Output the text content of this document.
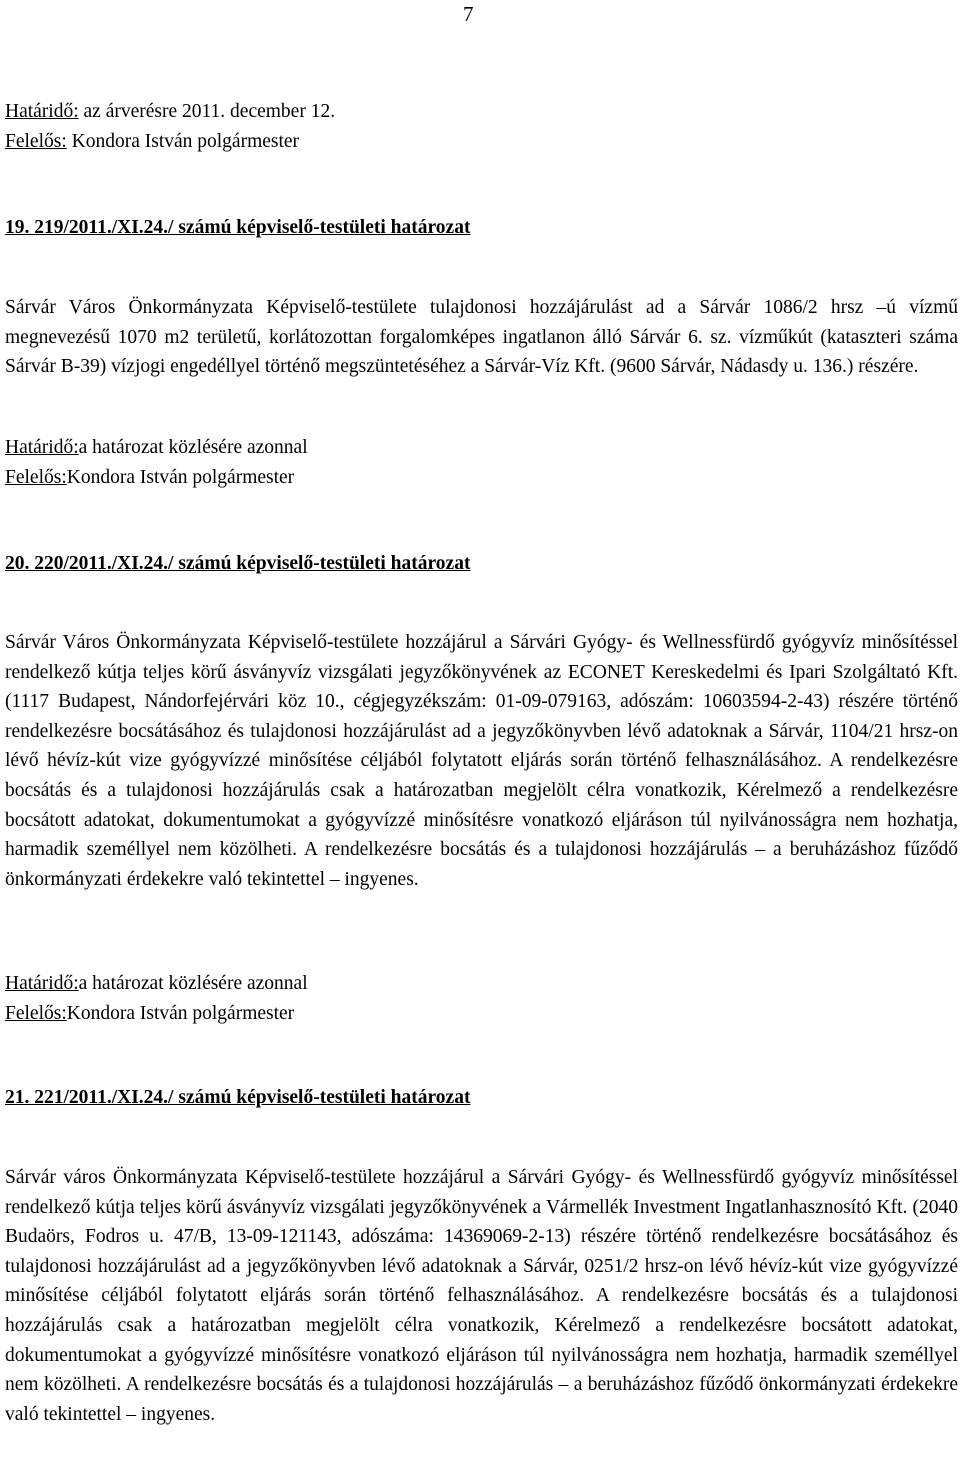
7
Határidő: az árverésre 2011. december 12.
Felelős: Kondora István polgármester
19. 219/2011./XI.24./ számú képviselő-testületi határozat

Sárvár Város Önkormányzata Képviselő-testülete tulajdonosi hozzájárulást ad a Sárvár 1086/2 hrsz –ú vízmű megnevezésű 1070 m2 területű, korlátozottan forgalomképes ingatlanon álló Sárvár 6. sz. vízműkút (kataszteri száma Sárvár B-39) vízjogi engedéllyel történő megszüntetéséhez a Sárvár-Víz Kft. (9600 Sárvár, Nádasdy u. 136.) részére.

Határidő:a határozat közlésére azonnal
Felelős:Kondora István polgármester
20. 220/2011./XI.24./ számú képviselő-testületi határozat

Sárvár Város Önkormányzata Képviselő-testülete hozzájárul a Sárvári Gyógy- és Wellnessfürdő gyógyvíz minősítéssel rendelkező kútja teljes körű ásványvíz vizsgálati jegyzőkönyvének az ECONET Kereskedelmi és Ipari Szolgáltató Kft. (1117 Budapest, Nándorfejérvári köz 10., cégjegyzékszám: 01-09-079163, adószám: 10603594-2-43) részére történő rendelkezésre bocsátásához és tulajdonosi hozzájárulást ad a jegyzőkönyvben lévő adatoknak a Sárvár, 1104/21 hrsz-on lévő hévíz-kút vize gyógyvízzé minősítése céljából folytatott eljárás során történő felhasználásához. A rendelkezésre bocsátás és a tulajdonosi hozzájárulás csak a határozatban megjelölt célra vonatkozik, Kérelmező a rendelkezésre bocsátott adatokat, dokumentumokat a gyógyvízzé minősítésre vonatkozó eljáráson túl nyilvánosságra nem hozhatja, harmadik személlyel nem közölheti. A rendelkezésre bocsátás és a tulajdonosi hozzájárulás – a beruházáshoz fűződő önkormányzati érdekekre való tekintettel – ingyenes.

Határidő:a határozat közlésére azonnal
Felelős:Kondora István polgármester
21. 221/2011./XI.24./ számú képviselő-testületi határozat

Sárvár város Önkormányzata Képviselő-testülete hozzájárul a Sárvári Gyógy- és Wellnessfürdő gyógyvíz minősítéssel rendelkező kútja teljes körű ásványvíz vizsgálati jegyzőkönyvének a Vármellék Investment Ingatlanhasznosító Kft. (2040 Budaörs, Fodros u. 47/B, 13-09-121143, adószáma: 14369069-2-13) részére történő rendelkezésre bocsátásához és tulajdonosi hozzájárulást ad a jegyzőkönyvben lévő adatoknak a Sárvár, 0251/2 hrsz-on lévő hévíz-kút vize gyógyvízzé minősítése céljából folytatott eljárás során történő felhasználásához. A rendelkezésre bocsátás és a tulajdonosi hozzájárulás csak a határozatban megjelölt célra vonatkozik, Kérelmező a rendelkezésre bocsátott adatokat, dokumentumokat a gyógyvízzé minősítésre vonatkozó eljáráson túl nyilvánosságra nem hozhatja, harmadik személlyel nem közölheti. A rendelkezésre bocsátás és a tulajdonosi hozzájárulás – a beruházáshoz fűződő önkormányzati érdekekre való tekintettel – ingyenes.
